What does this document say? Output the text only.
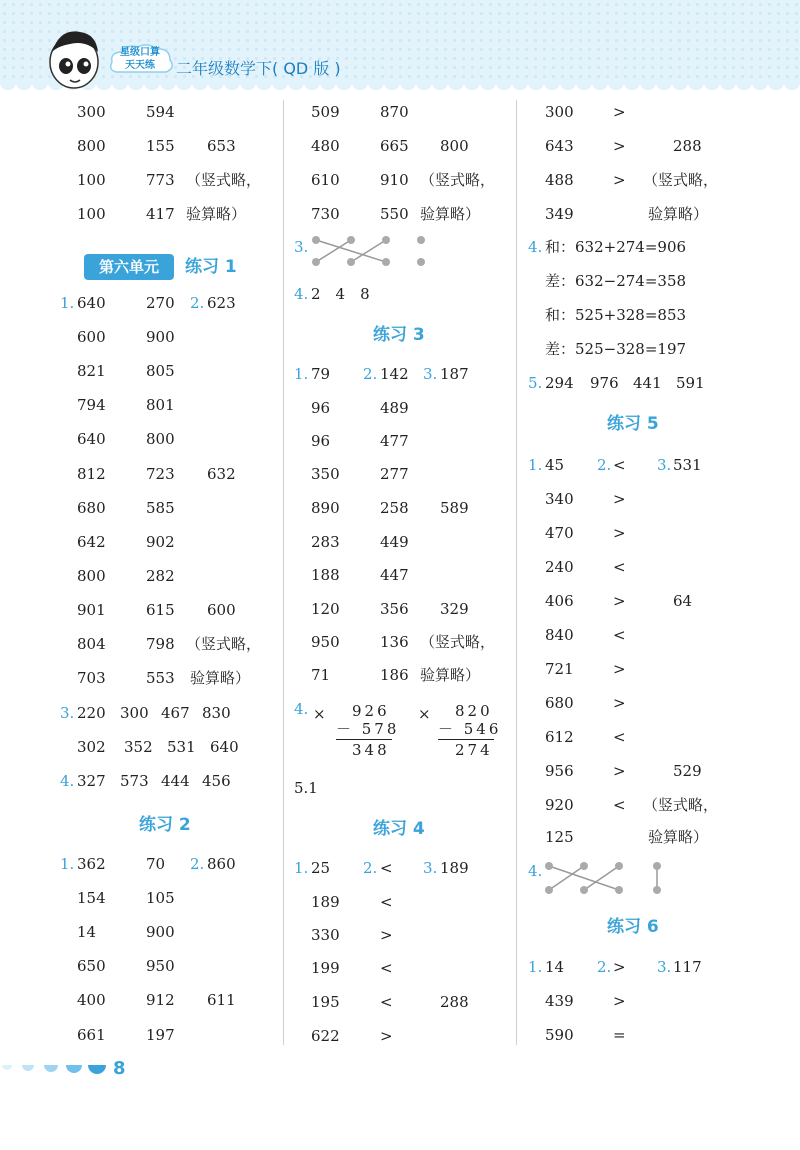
星级口算
天天练	二年级数学下( QD 版 )
300	594
800	155 653
100	773 （竖式略，
100	417 验算略）
第六单元	练习 1
1. 640	270 2. 623
600	900
821	805
794	801
640	800
812	723 632
680	585
642	902
800	282
901	615 600
804	798 （竖式略，
703	553 验算略）
3. 220 300 467 830
302 352 531 640
4. 327 573 444 456
练习 2
1. 362	70 2. 860
154	105
14	900
650	950
400	912 611
661	197
509	870
480	665 800
610	910 （竖式略，
730	550 验算略）
3.
4. 2　4　8
练习 3
1. 79 2. 142 3. 187
96	489
96	477
350	277
890	258 589
283	449
188	447
120	356 329
950	136 （竖式略，
71	186 验算略）
4. × 926
－ 578
348
× 820
－ 546
274
5.1
练习 4
1. 25 2. < 3. 189
189	<
330	>
199	<
195	<	288
622	>
300	>
643	>	288
488	> （竖式略，
349	验算略）
4. 和：632+274=906
差：632−274=358
和：525+328=853
差：525−328=197
5. 294 976 441 591
练习 5
1. 45 2. < 3. 531
340	>
470	>
240	<
406	>	64
840	<
721	>
680	>
612	<
956	>	529
920	< （竖式略，
125	验算略）
4.
练习 6
1. 14 2. > 3. 117
439	>
590	=
8
